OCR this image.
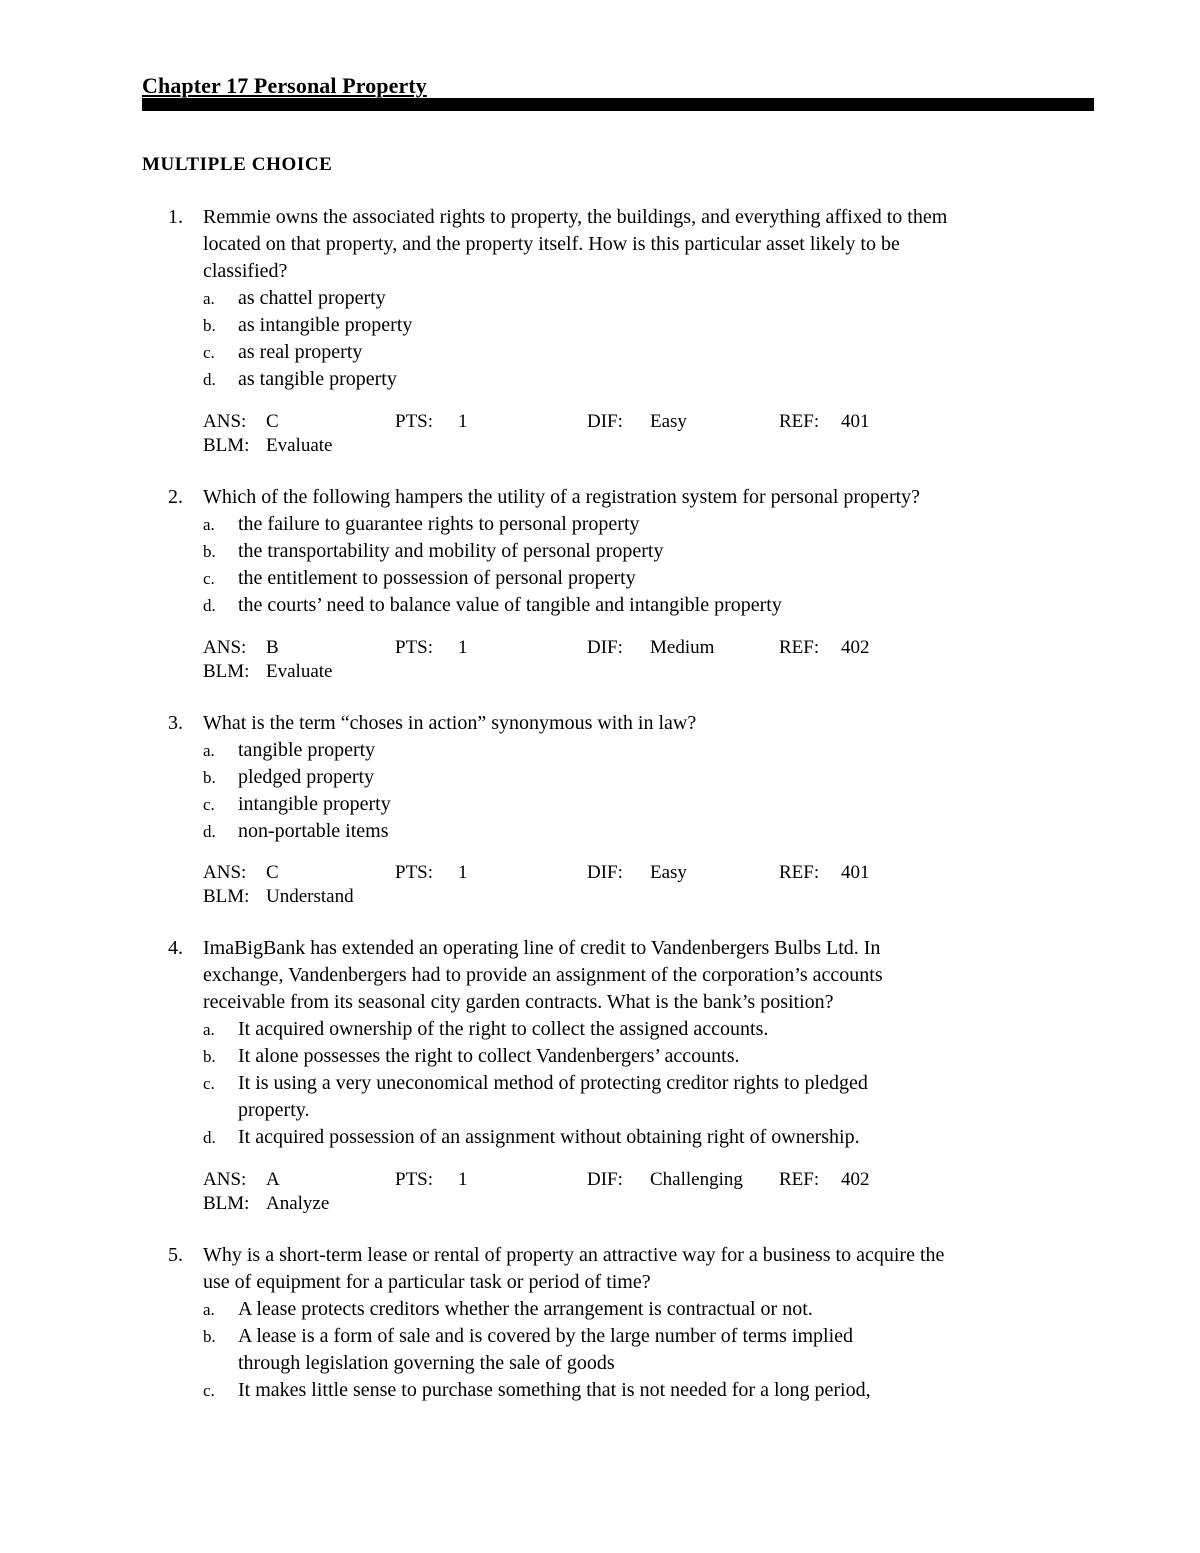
Chapter 17 Personal Property
MULTIPLE CHOICE
1. Remmie owns the associated rights to property, the buildings, and everything affixed to them
located on that property, and the property itself. How is this particular asset likely to be
classified?
a. as chattel property
b. as intangible property
c. as real property
d. as tangible property
ANS: C	PTS: 1	DIF: Easy	REF: 401
BLM: Evaluate
2. Which of the following hampers the utility of a registration system for personal property?
a. the failure to guarantee rights to personal property
b. the transportability and mobility of personal property
c. the entitlement to possession of personal property
d. the courts’ need to balance value of tangible and intangible property
ANS: B	PTS: 1	DIF: Medium	REF: 402
BLM: Evaluate
3. What is the term “choses in action” synonymous with in law?
a. tangible property
b. pledged property
c. intangible property
d. non-portable items
ANS: C	PTS: 1	DIF: Easy	REF: 401
BLM: Understand
4. ImaBigBank has extended an operating line of credit to Vandenbergers Bulbs Ltd. In
exchange, Vandenbergers had to provide an assignment of the corporation’s accounts
receivable from its seasonal city garden contracts. What is the bank’s position?
a. It acquired ownership of the right to collect the assigned accounts.
b. It alone possesses the right to collect Vandenbergers’ accounts.
c. It is using a very uneconomical method of protecting creditor rights to pledged
property.
d. It acquired possession of an assignment without obtaining right of ownership.
ANS: A	PTS: 1	DIF: Challenging REF: 402
BLM: Analyze
5. Why is a short-term lease or rental of property an attractive way for a business to acquire the
use of equipment for a particular task or period of time?
a. A lease protects creditors whether the arrangement is contractual or not.
b. A lease is a form of sale and is covered by the large number of terms implied
through legislation governing the sale of goods
c. It makes little sense to purchase something that is not needed for a long period,
